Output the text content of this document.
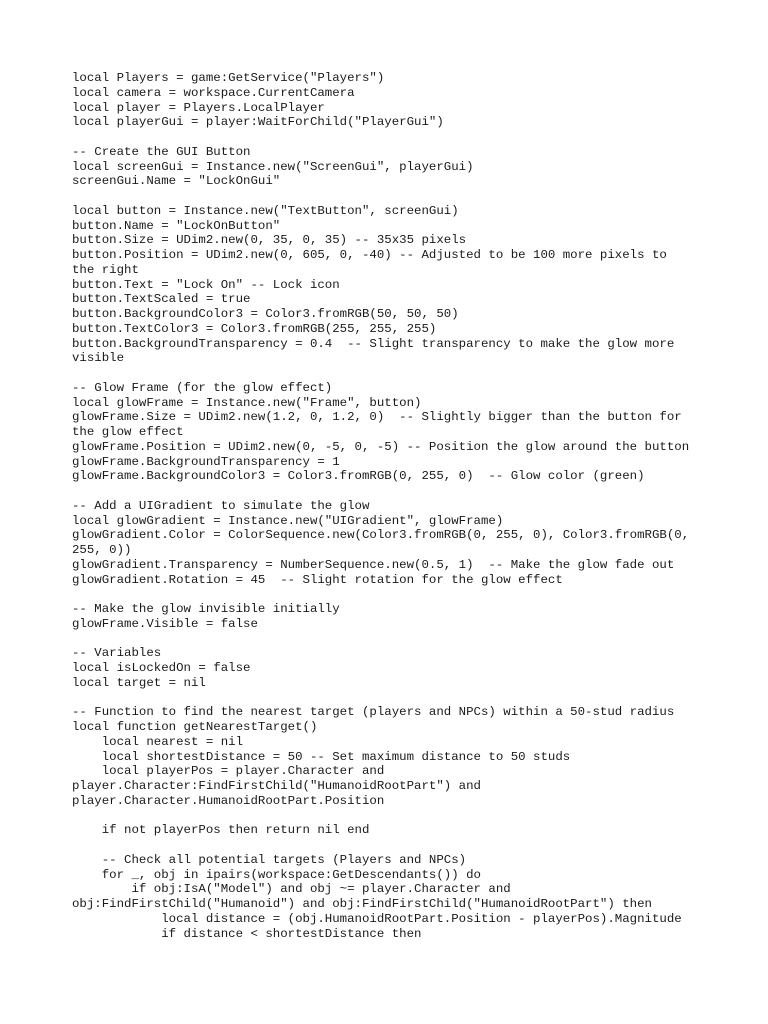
local Players = game:GetService("Players")
local camera = workspace.CurrentCamera
local player = Players.LocalPlayer
local playerGui = player:WaitForChild("PlayerGui")
-- Create the GUI Button
local screenGui = Instance.new("ScreenGui", playerGui)
screenGui.Name = "LockOnGui"
local button = Instance.new("TextButton", screenGui)
button.Name = "LockOnButton"
button.Size = UDim2.new(0, 35, 0, 35) -- 35x35 pixels
button.Position = UDim2.new(0, 605, 0, -40) -- Adjusted to be 100 more pixels to
the right
button.Text = "Lock On" -- Lock icon
button.TextScaled = true
button.BackgroundColor3 = Color3.fromRGB(50, 50, 50)
button.TextColor3 = Color3.fromRGB(255, 255, 255)
button.BackgroundTransparency = 0.4  -- Slight transparency to make the glow more
visible
-- Glow Frame (for the glow effect)
local glowFrame = Instance.new("Frame", button)
glowFrame.Size = UDim2.new(1.2, 0, 1.2, 0)  -- Slightly bigger than the button for
the glow effect
glowFrame.Position = UDim2.new(0, -5, 0, -5) -- Position the glow around the button
glowFrame.BackgroundTransparency = 1
glowFrame.BackgroundColor3 = Color3.fromRGB(0, 255, 0)  -- Glow color (green)
-- Add a UIGradient to simulate the glow
local glowGradient = Instance.new("UIGradient", glowFrame)
glowGradient.Color = ColorSequence.new(Color3.fromRGB(0, 255, 0), Color3.fromRGB(0,
255, 0))
glowGradient.Transparency = NumberSequence.new(0.5, 1)  -- Make the glow fade out
glowGradient.Rotation = 45  -- Slight rotation for the glow effect
-- Make the glow invisible initially
glowFrame.Visible = false
-- Variables
local isLockedOn = false
local target = nil
-- Function to find the nearest target (players and NPCs) within a 50-stud radius
local function getNearestTarget()
local nearest = nil
local shortestDistance = 50 -- Set maximum distance to 50 studs
local playerPos = player.Character and
player.Character:FindFirstChild("HumanoidRootPart") and
player.Character.HumanoidRootPart.Position
if not playerPos then return nil end
-- Check all potential targets (Players and NPCs)
for _, obj in ipairs(workspace:GetDescendants()) do
if obj:IsA("Model") and obj ~= player.Character and
obj:FindFirstChild("Humanoid") and obj:FindFirstChild("HumanoidRootPart") then
local distance = (obj.HumanoidRootPart.Position - playerPos).Magnitude
if distance < shortestDistance then
